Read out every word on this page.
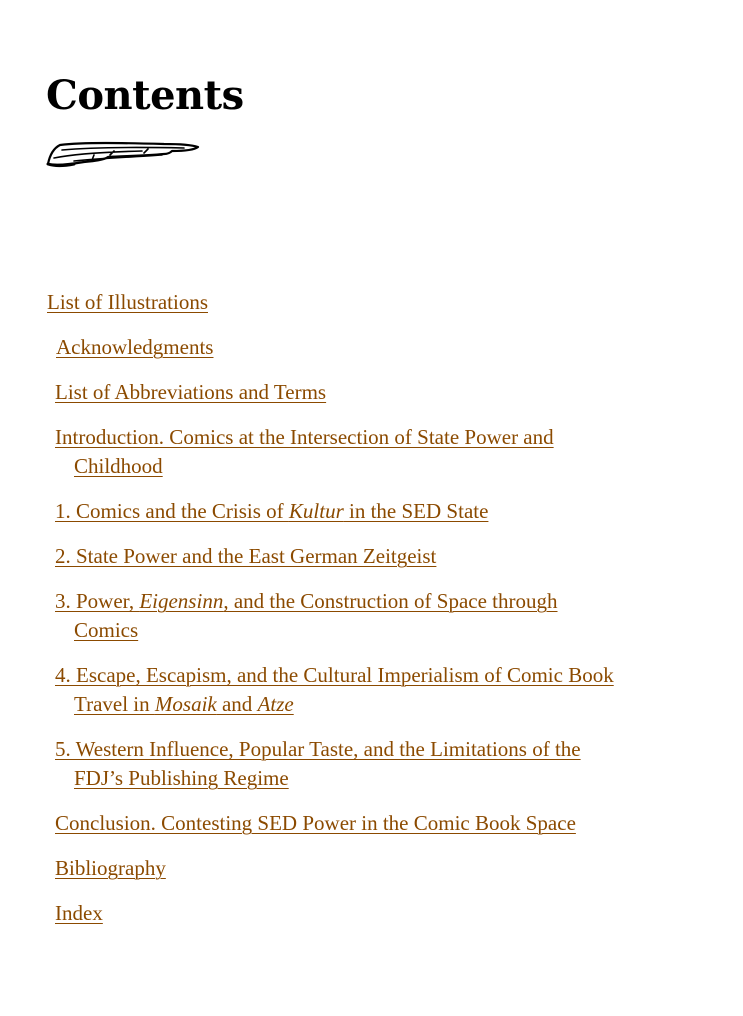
Contents
List of Illustrations
Acknowledgments
List of Abbreviations and Terms
Introduction. Comics at the Intersection of State Power and
Childhood
1. Comics and the Crisis of Kultur in the SED State
2. State Power and the East German Zeitgeist
3. Power, Eigensinn, and the Construction of Space through
Comics
4. Escape, Escapism, and the Cultural Imperialism of Comic Book
Travel in Mosaik and Atze
5. Western Influence, Popular Taste, and the Limitations of the
FDJ’s Publishing Regime
Conclusion. Contesting SED Power in the Comic Book Space
Bibliography
Index
